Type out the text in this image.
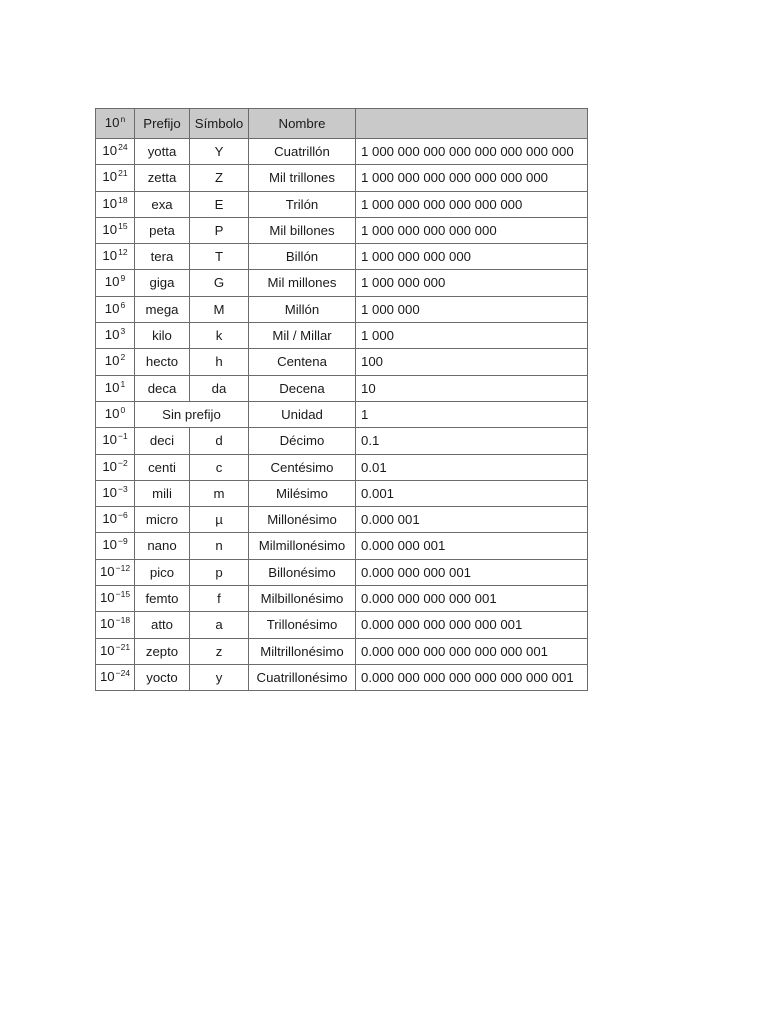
10$^n$	Prefijo	Símbolo	Nombre	
$10^{24}$	yotta	Y	Cuatrillón	1 000 000 000 000 000 000 000 000
$10^{21}$	zetta	Z	Mil trillones	1 000 000 000 000 000 000 000
$10^{18}$	exa	E	Trilón	1 000 000 000 000 000 000
$10^{15}$	peta	P	Mil billones	1 000 000 000 000 000
$10^{12}$	tera	T	Billón	1 000 000 000 000
$10^9$	giga	G	Mil millones	1 000 000 000
$10^6$	mega	M	Millón	1 000 000
$10^3$	kilo	k	Mil / Millar	1 000
$10^2$	hecto	h	Centena	100
$10^1$	deca	da	Decena	10
$10^0$	Sin prefijo		Unidad	1
$10^{-1}$	deci	d	Décimo	0.1
$10^{-2}$	centi	c	Centésimo	0.01
$10^{-3}$	mili	m	Milésimo	0.001
$10^{-6}$	micro	µ	Millonésimo	0.000 001
$10^{-9}$	nano	n	Milmillonésimo	0.000 000 001
$10^{-12}$	pico	p	Billonésimo	0.000 000 000 001
$10^{-15}$	femto	f	Milbillonésimo	0.000 000 000 000 001
$10^{-18}$	atto	a	Trillonésimo	0.000 000 000 000 000 001
$10^{-21}$	zepto	z	Miltrillonésimo	0.000 000 000 000 000 000 001
$10^{-24}$	yocto	y	Cuatrillonésimo	0.000 000 000 000 000 000 000 001
